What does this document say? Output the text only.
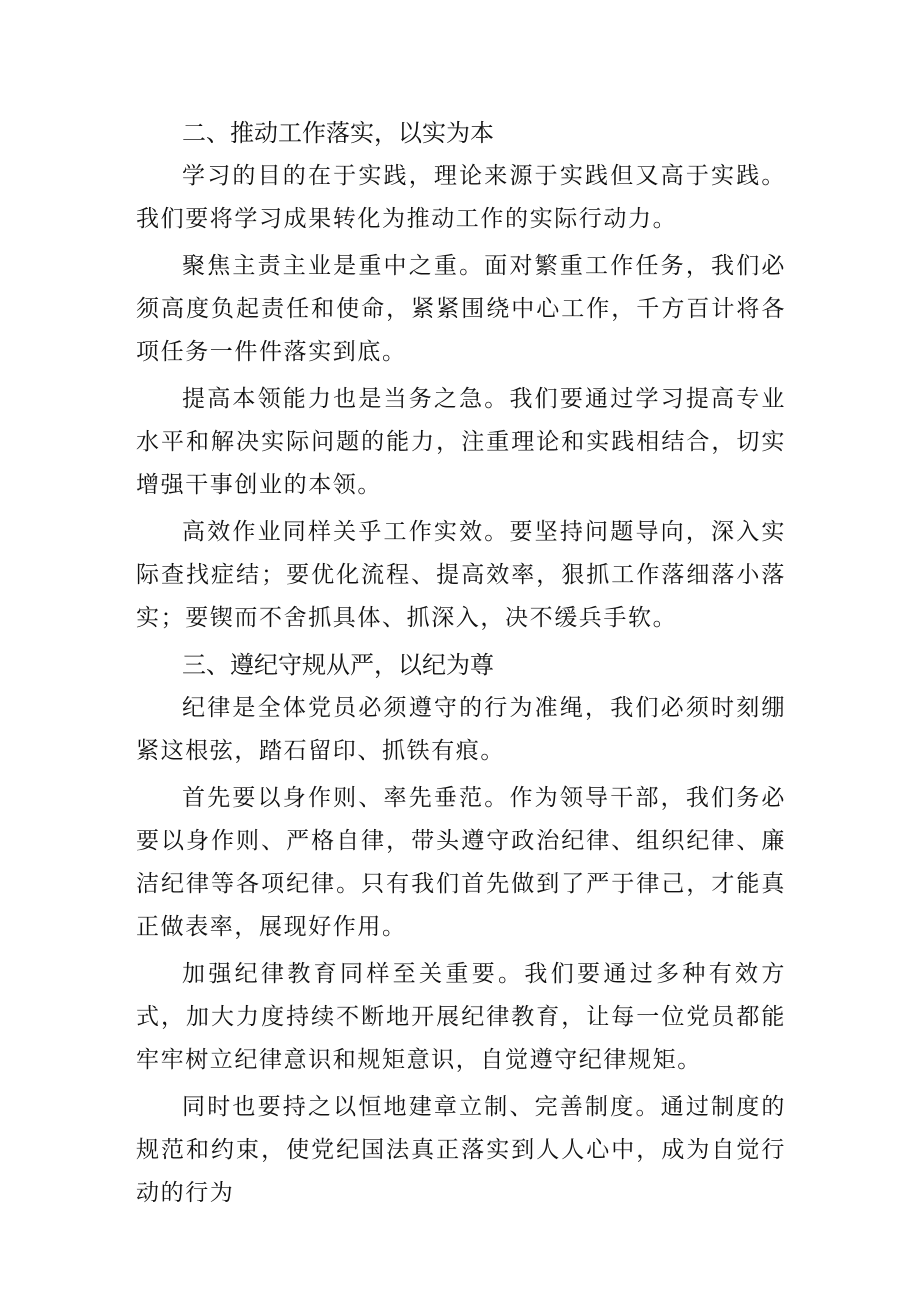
二、推动工作落实，以实为本

学习的目的在于实践，理论来源于实践但又高于实践。我们要将学习成果转化为推动工作的实际行动力。

聚焦主责主业是重中之重。面对繁重工作任务，我们必须高度负起责任和使命，紧紧围绕中心工作，千方百计将各项任务一件件落实到底。

提高本领能力也是当务之急。我们要通过学习提高专业水平和解决实际问题的能力，注重理论和实践相结合，切实增强干事创业的本领。

高效作业同样关乎工作实效。要坚持问题导向，深入实际查找症结；要优化流程、提高效率，狠抓工作落细落小落实；要锲而不舍抓具体、抓深入，决不缓兵手软。

三、遵纪守规从严，以纪为尊

纪律是全体党员必须遵守的行为准绳，我们必须时刻绷紧这根弦，踏石留印、抓铁有痕。

首先要以身作则、率先垂范。作为领导干部，我们务必要以身作则、严格自律，带头遵守政治纪律、组织纪律、廉洁纪律等各项纪律。只有我们首先做到了严于律己，才能真正做表率，展现好作用。

加强纪律教育同样至关重要。我们要通过多种有效方式，加大力度持续不断地开展纪律教育，让每一位党员都能牢牢树立纪律意识和规矩意识，自觉遵守纪律规矩。

同时也要持之以恒地建章立制、完善制度。通过制度的规范和约束，使党纪国法真正落实到人人心中，成为自觉行动的行为
